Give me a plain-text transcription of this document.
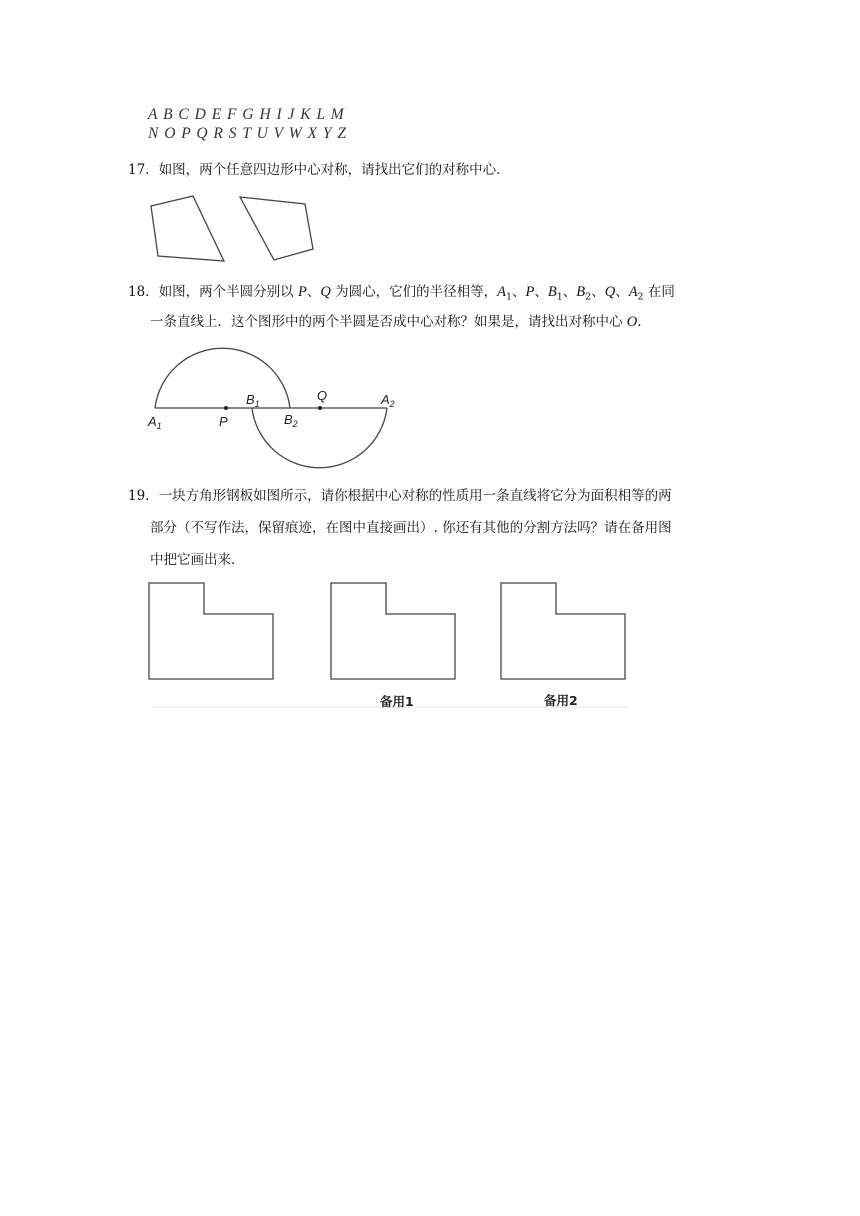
A B C D E F G H I J K L M
N O P Q R S T U V W X Y Z
17．如图，两个任意四边形中心对称，请找出它们的对称中心．
18．如图，两个半圆分别以 P、Q 为圆心，它们的半径相等，$A_1$、P、$B_1$、$B_2$、Q、$A_2$ 在同
一条直线上．这个图形中的两个半圆是否成中心对称？如果是，请找出对称中心 O.
$A_1$	P
$B_1$
$B_2$
Q	$A_2$
19．一块方角形钢板如图所示，请你根据中心对称的性质用一条直线将它分为面积相等的两
部分（不写作法，保留痕迹，在图中直接画出）. 你还有其他的分割方法吗？请在备用图
中把它画出来．
备用1	备用2
